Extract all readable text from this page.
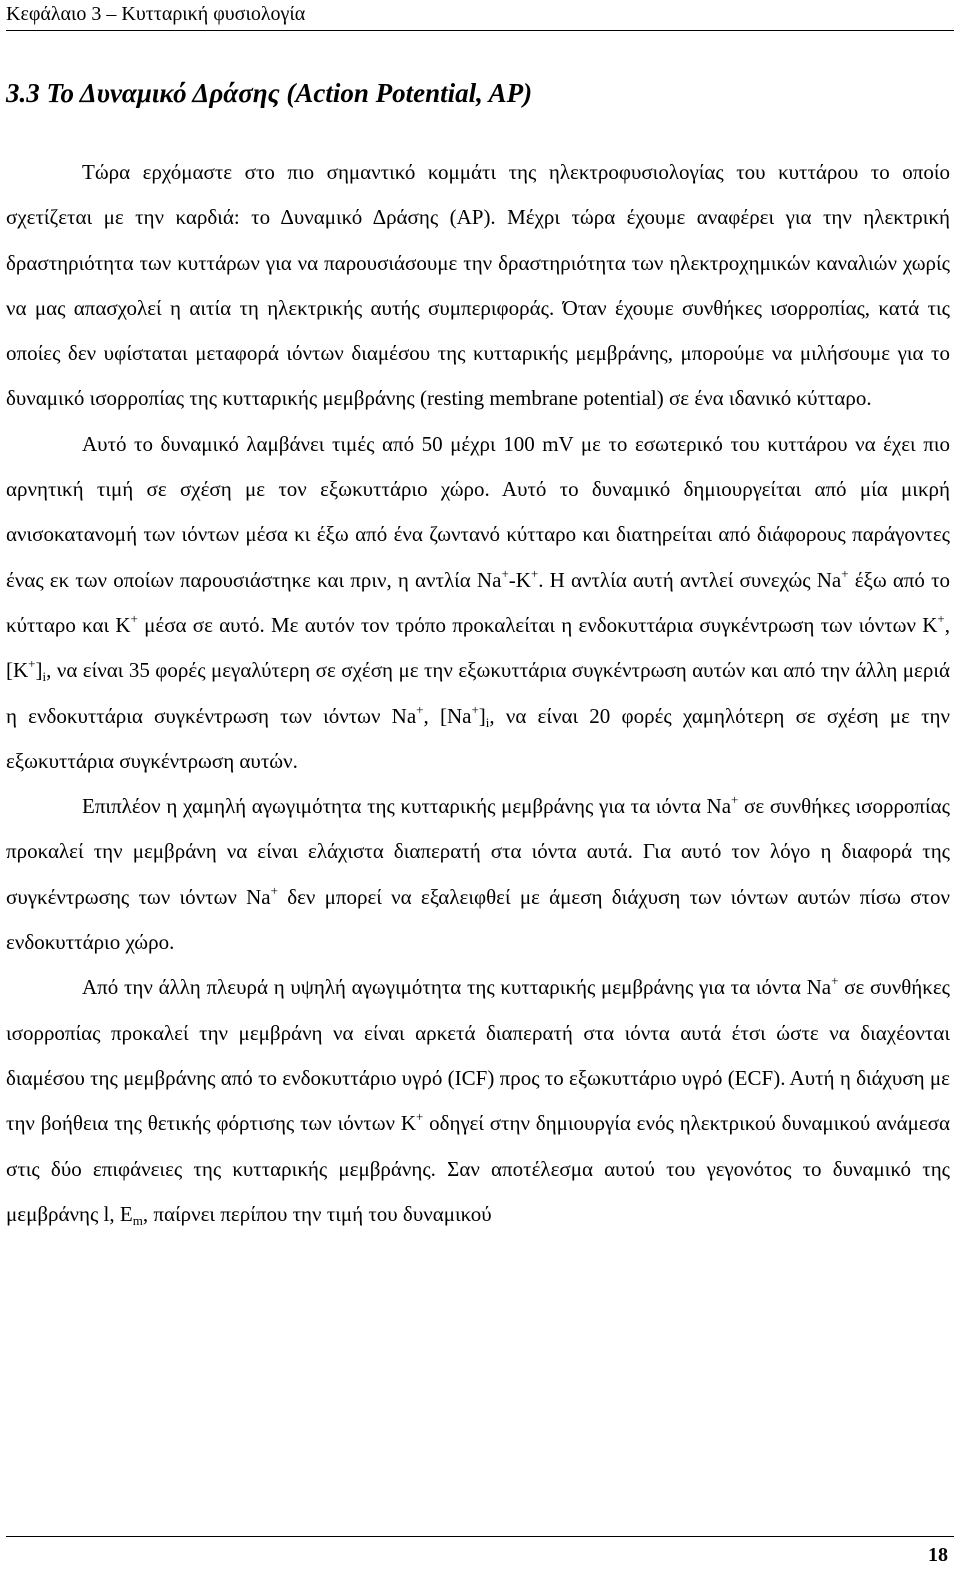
Κεφάλαιο 3 – Κυτταρική φυσιολογία
3.3 Το Δυναμικό Δράσης (Action Potential, AP)

Τώρα ερχόμαστε στο πιο σημαντικό κομμάτι της ηλεκτροφυσιολογίας του κυττάρου το οποίο σχετίζεται με την καρδιά: το Δυναμικό Δράσης (AP). Μέχρι τώρα έχουμε αναφέρει για την ηλεκτρική δραστηριότητα των κυττάρων για να παρουσιάσουμε την δραστηριότητα των ηλεκτροχημικών καναλιών χωρίς να μας απασχολεί η αιτία τη ηλεκτρικής αυτής συμπεριφοράς. Όταν έχουμε συνθήκες ισορροπίας, κατά τις οποίες δεν υφίσταται μεταφορά ιόντων διαμέσου της κυτταρικής μεμβράνης, μπορούμε να μιλήσουμε για το δυναμικό ισορροπίας της κυτταρικής μεμβράνης (resting membrane potential) σε ένα ιδανικό κύτταρο.

Αυτό το δυναμικό λαμβάνει τιμές από 50 μέχρι 100 mV με το εσωτερικό του κυττάρου να έχει πιο αρνητική τιμή σε σχέση με τον εξωκυττάριο χώρο. Αυτό το δυναμικό δημιουργείται από μία μικρή ανισοκατανομή των ιόντων μέσα κι έξω από ένα ζωντανό κύτταρο και διατηρείται από διάφορους παράγοντες ένας εκ των οποίων παρουσιάστηκε και πριν, η αντλία Na+-K+. Η αντλία αυτή αντλεί συνεχώς Na+ έξω από το κύτταρο και K+ μέσα σε αυτό. Με αυτόν τον τρόπο προκαλείται η ενδοκυττάρια συγκέντρωση των ιόντων K+, $[K^+]_i$, να είναι 35 φορές μεγαλύτερη σε σχέση με την εξωκυττάρια συγκέντρωση αυτών και από την άλλη μεριά η ενδοκυττάρια συγκέντρωση των ιόντων Na+, $[Na^+]_i$, να είναι 20 φορές χαμηλότερη σε σχέση με την εξωκυττάρια συγκέντρωση αυτών.

Επιπλέον η χαμηλή αγωγιμότητα της κυτταρικής μεμβράνης για τα ιόντα Na+ σε συνθήκες ισορροπίας προκαλεί την μεμβράνη να είναι ελάχιστα διαπερατή στα ιόντα αυτά. Για αυτό τον λόγο η διαφορά της συγκέντρωσης των ιόντων Na+ δεν μπορεί να εξαλειφθεί με άμεση διάχυση των ιόντων αυτών πίσω στον ενδοκυττάριο χώρο.

Από την άλλη πλευρά η υψηλή αγωγιμότητα της κυτταρικής μεμβράνης για τα ιόντα Na+ σε συνθήκες ισορροπίας προκαλεί την μεμβράνη να είναι αρκετά διαπερατή στα ιόντα αυτά έτσι ώστε να διαχέονται διαμέσου της μεμβράνης από το ενδοκυττάριο υγρό (ICF) προς το εξωκυττάριο υγρό (ECF). Αυτή η διάχυση με την βοήθεια της θετικής φόρτισης των ιόντων K+ οδηγεί στην δημιουργία ενός ηλεκτρικού δυναμικού ανάμεσα στις δύο επιφάνειες της κυτταρικής μεμβράνης. Σαν αποτέλεσμα αυτού του γεγονότος το δυναμικό της μεμβράνης l, $E_m$, παίρνει περίπου την τιμή του δυναμικού

18
